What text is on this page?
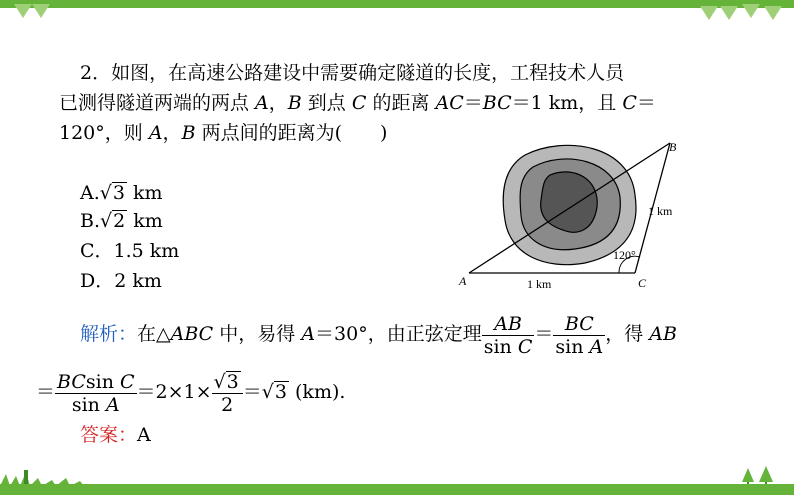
2．如图，在高速公路建设中需要确定隧道的长度，工程技术人员
已测得隧道两端的两点 A，B 到点 C 的距离 AC＝BC＝1 km，且 C＝
120°，则 A，B 两点间的距离为(　　)
A.√3 km
B.√2 km
C．1.5 km
D．2 km	A
B
C
1 km
1 km
120°
解析：在△ABC 中，易得 A＝30°，由正弦定理 $\frac{AB}{\text{sin C}} = \frac{BC}{\text{sin A}}$ ，得 AB
＝ $\frac{\text{BCsin C}}{\text{sin A}} =2\times 1\times \frac{√3}{2} =√3$ (km).
答案：A
